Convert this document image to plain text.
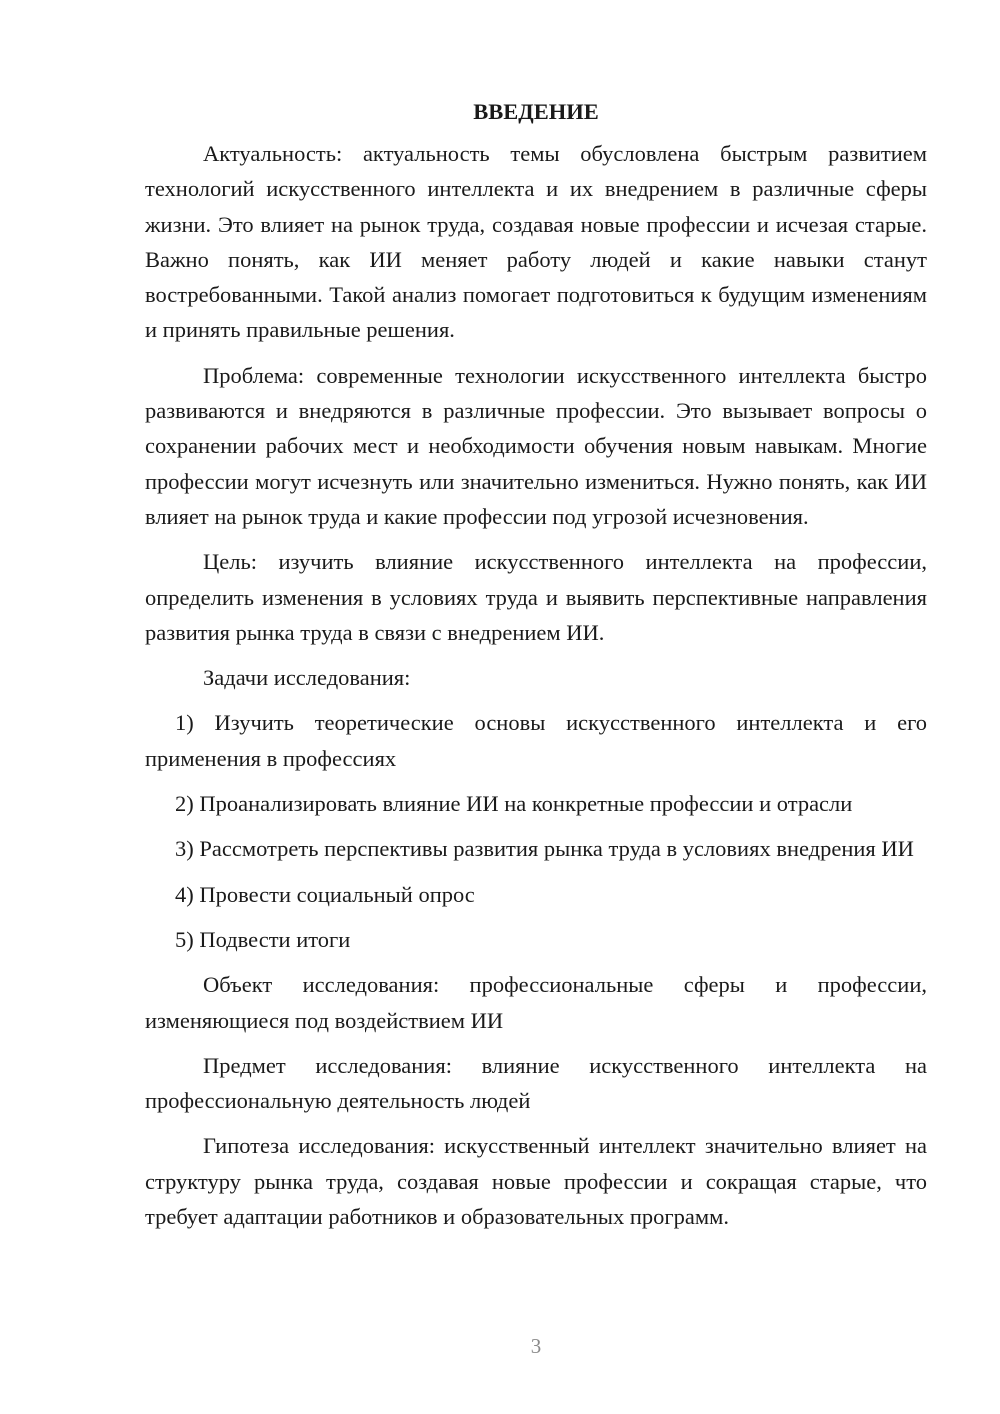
ВВЕДЕНИЕ

Актуальность: актуальность темы обусловлена быстрым развитием технологий искусственного интеллекта и их внедрением в различные сферы жизни. Это влияет на рынок труда, создавая новые профессии и исчезая старые. Важно понять, как ИИ меняет работу людей и какие навыки станут востребованными. Такой анализ помогает подготовиться к будущим изменениям и принять правильные решения.

Проблема: современные технологии искусственного интеллекта быстро развиваются и внедряются в различные профессии. Это вызывает вопросы о сохранении рабочих мест и необходимости обучения новым навыкам. Многие профессии могут исчезнуть или значительно измениться. Нужно понять, как ИИ влияет на рынок труда и какие профессии под угрозой исчезновения.

Цель: изучить влияние искусственного интеллекта на профессии, определить изменения в условиях труда и выявить перспективные направления развития рынка труда в связи с внедрением ИИ.

Задачи исследования:

1) Изучить теоретические основы искусственного интеллекта и его применения в профессиях

2) Проанализировать влияние ИИ на конкретные профессии и отрасли

3) Рассмотреть перспективы развития рынка труда в условиях внедрения ИИ

4) Провести социальный опрос

5) Подвести итоги

Объект исследования: профессиональные сферы и профессии, изменяющиеся под воздействием ИИ

Предмет исследования: влияние искусственного интеллекта на профессиональную деятельность людей

Гипотеза исследования: искусственный интеллект значительно влияет на структуру рынка труда, создавая новые профессии и сокращая старые, что требует адаптации работников и образовательных программ.

3
